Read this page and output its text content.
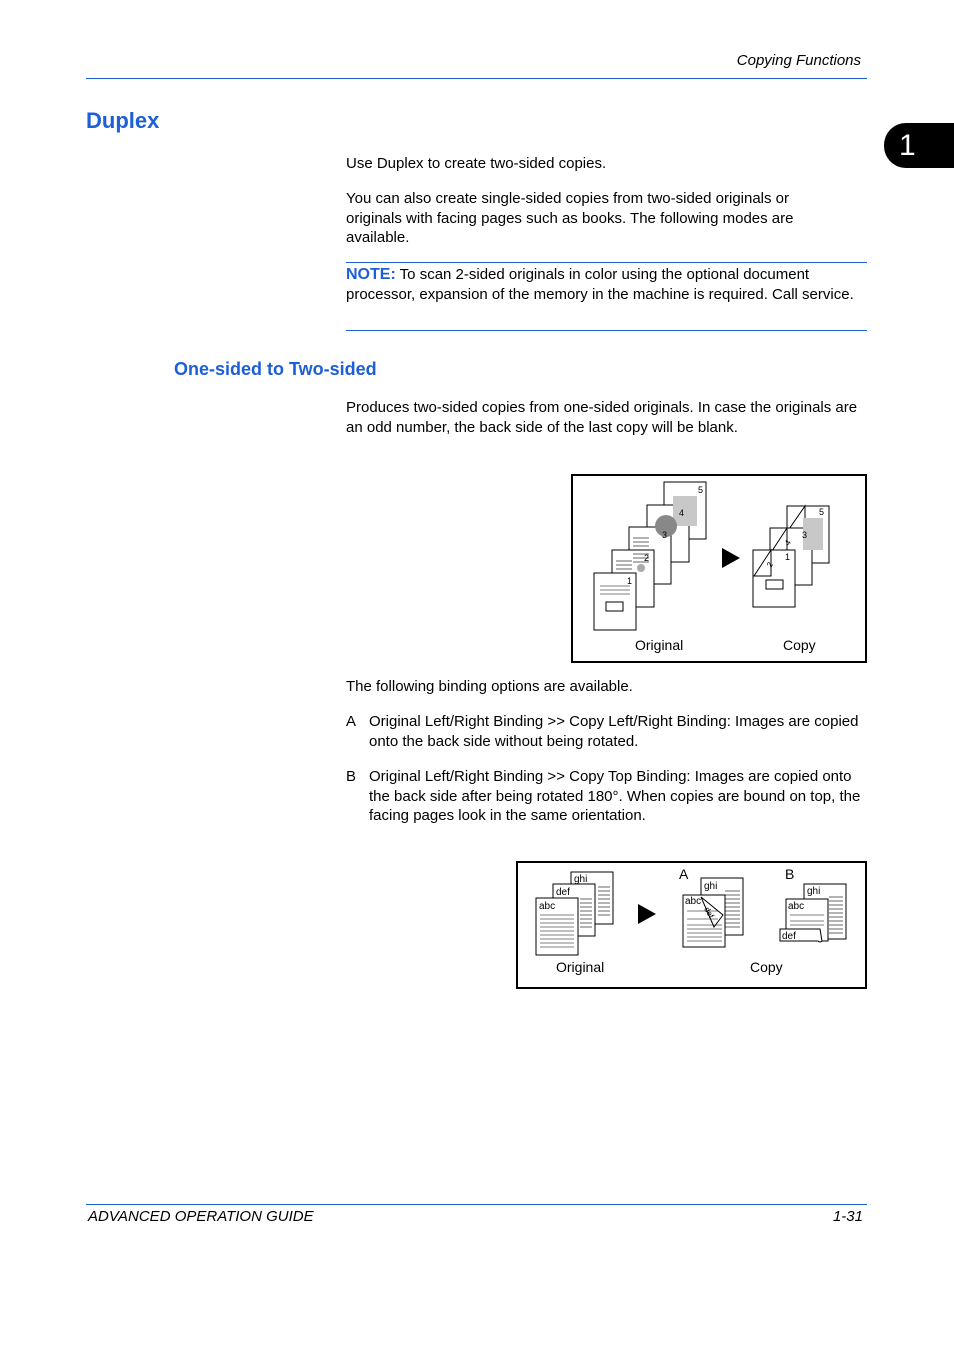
Copying Functions
1
Duplex
Use Duplex to create two-sided copies.
You can also create single-sided copies from two-sided originals or originals with facing pages such as books. The following modes are available.
NOTE: To scan 2-sided originals in color using the optional document processor, expansion of the memory in the machine is required. Call service.
One-sided to Two-sided
Produces two-sided copies from one-sided originals. In case the originals are an odd number, the back side of the last copy will be blank.
5
4
3
2
1
5
3
1
4
2
Original	Copy
The following binding options are available.
A Original Left/Right Binding >> Copy Left/Right Binding: Images are copied onto the back side without being rotated.
B Original Left/Right Binding >> Copy Top Binding: Images are copied onto the back side after being rotated 180°. When copies are bound on top, the facing pages look in the same orientation.
ghi
def
abc
A
ghi
abc
def
B
ghi
abc
def
Original	Copy
ADVANCED OPERATION GUIDE	1-31
